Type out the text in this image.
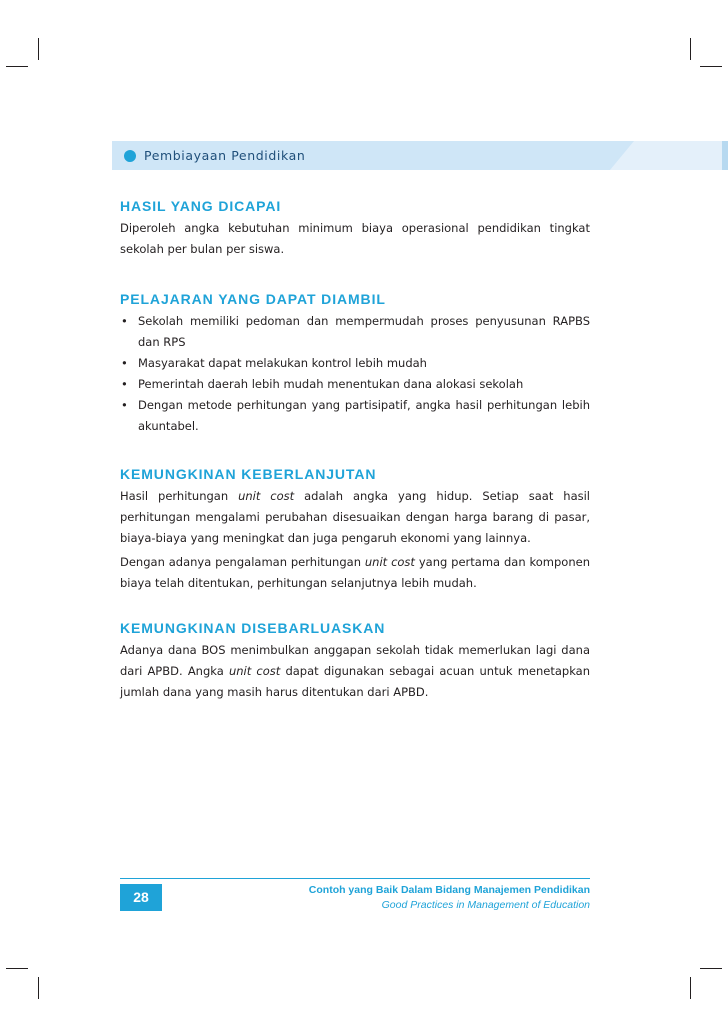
Pembiayaan Pendidikan
HASIL YANG DICAPAI

Diperoleh angka kebutuhan minimum biaya operasional pendidikan tingkat sekolah per bulan per siswa.

PELAJARAN YANG DAPAT DIAMBIL
• Sekolah memiliki pedoman dan mempermudah proses penyusunan RAPBS dan RPS
• Masyarakat dapat melakukan kontrol lebih mudah
• Pemerintah daerah lebih mudah menentukan dana alokasi sekolah
• Dengan metode perhitungan yang partisipatif, angka hasil perhitungan lebih akuntabel.
KEMUNGKINAN KEBERLANJUTAN

Hasil perhitungan unit cost adalah angka yang hidup. Setiap saat hasil perhitungan mengalami perubahan disesuaikan dengan harga barang di pasar, biaya-biaya yang meningkat dan juga pengaruh ekonomi yang lainnya.

Dengan adanya pengalaman perhitungan unit cost yang pertama dan komponen biaya telah ditentukan, perhitungan selanjutnya lebih mudah.

KEMUNGKINAN DISEBARLUASKAN

Adanya dana BOS menimbulkan anggapan sekolah tidak memerlukan lagi dana dari APBD. Angka unit cost dapat digunakan sebagai acuan untuk menetapkan jumlah dana yang masih harus ditentukan dari APBD.

28	Contoh yang Baik Dalam Bidang Manajemen Pendidikan
Good Practices in Management of Education
